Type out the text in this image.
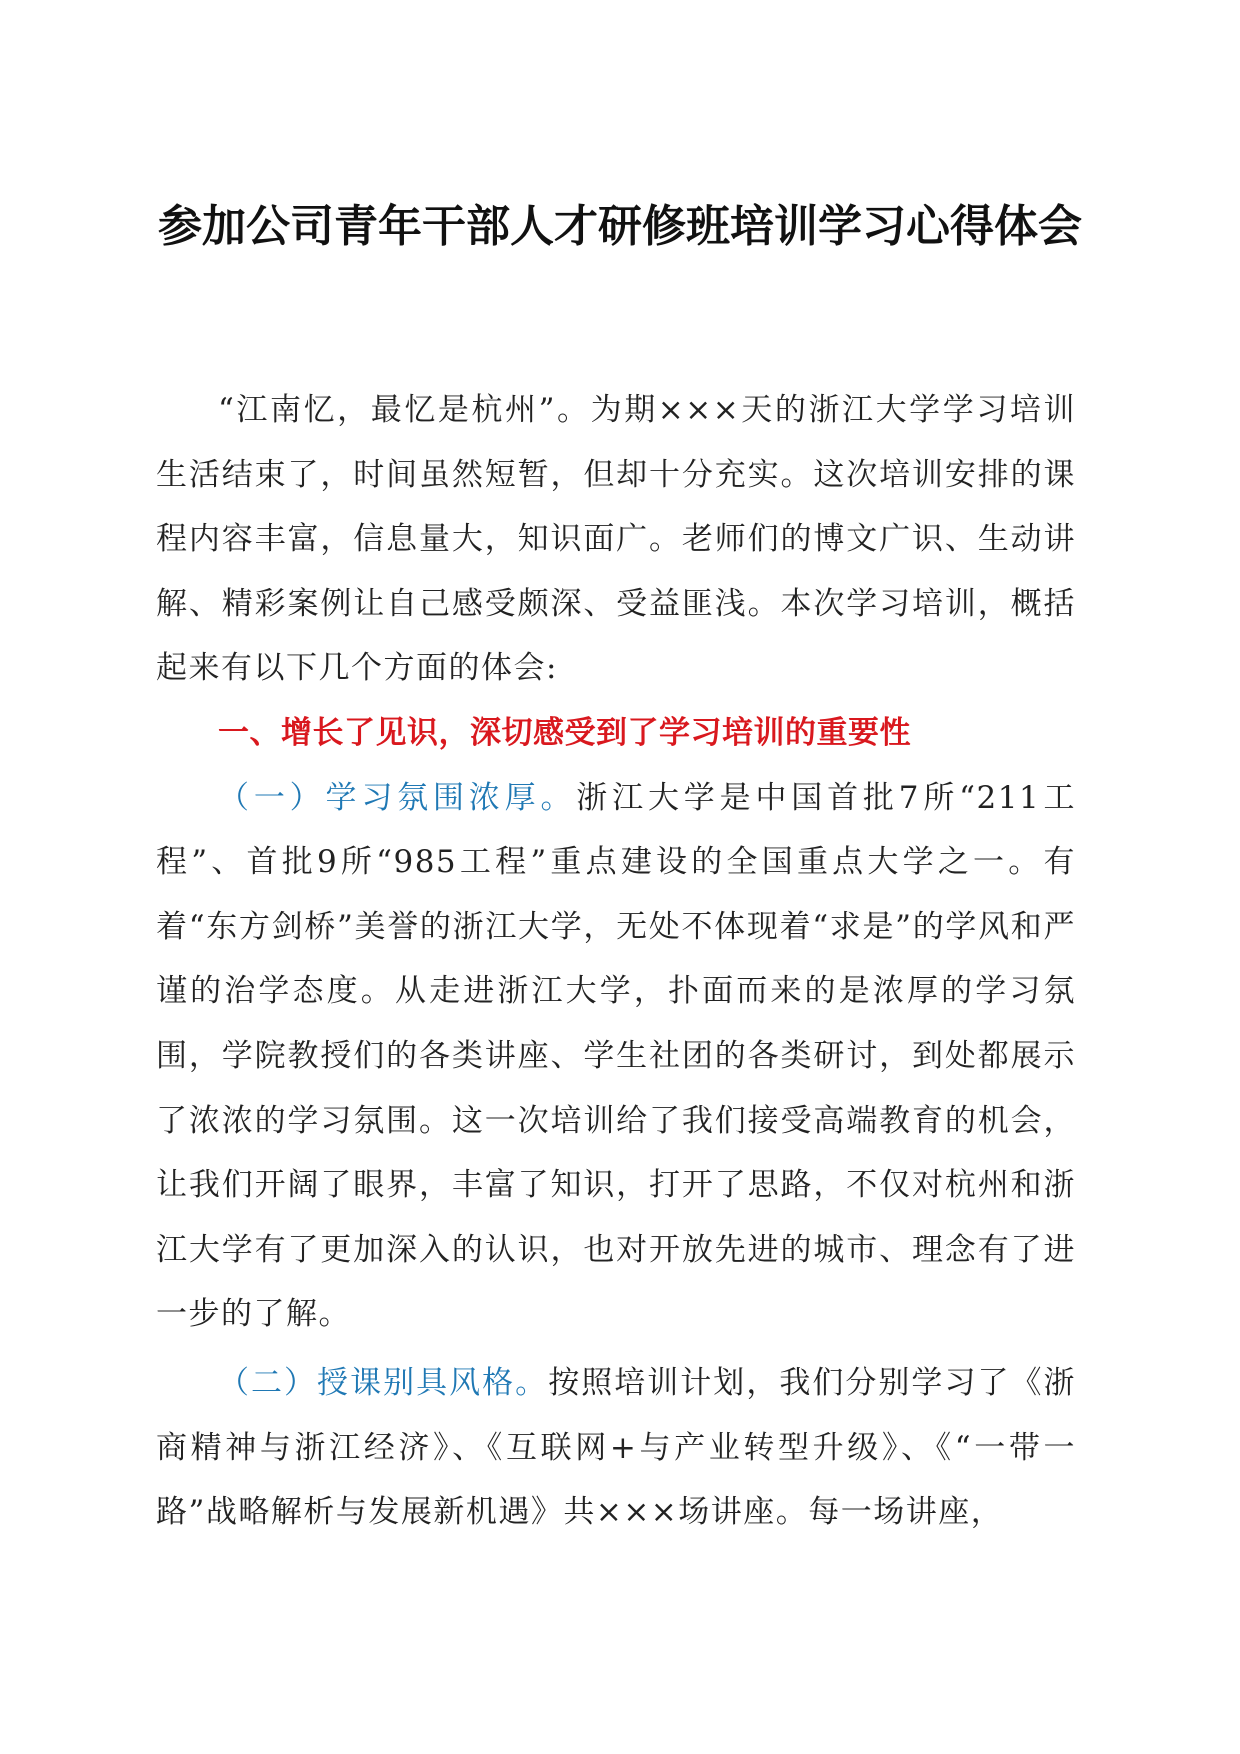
参加公司青年干部人才研修班培训学习心得体会

“江南忆，最忆是杭州”。为期×××天的浙江大学学习培训生活结束了，时间虽然短暂，但却十分充实。这次培训安排的课程内容丰富，信息量大，知识面广。老师们的博文广识、生动讲解、精彩案例让自己感受颇深、受益匪浅。本次学习培训，概括起来有以下几个方面的体会:

一、增长了见识，深切感受到了学习培训的重要性

（一）学习氛围浓厚。浙江大学是中国首批7所“211工程”、首批9所“985工程”重点建设的全国重点大学之一。有着“东方剑桥”美誉的浙江大学，无处不体现着“求是”的学风和严谨的治学态度。从走进浙江大学，扑面而来的是浓厚的学习氛围，学院教授们的各类讲座、学生社团的各类研讨，到处都展示了浓浓的学习氛围。这一次培训给了我们接受高端教育的机会，让我们开阔了眼界，丰富了知识，打开了思路，不仅对杭州和浙江大学有了更加深入的认识，也对开放先进的城市、理念有了进一步的了解。

（二）授课别具风格。按照培训计划，我们分别学习了《浙商精神与浙江经济》、《互联网+与产业转型升级》、《“一带一路”战略解析与发展新机遇》共×××场讲座。每一场讲座，
